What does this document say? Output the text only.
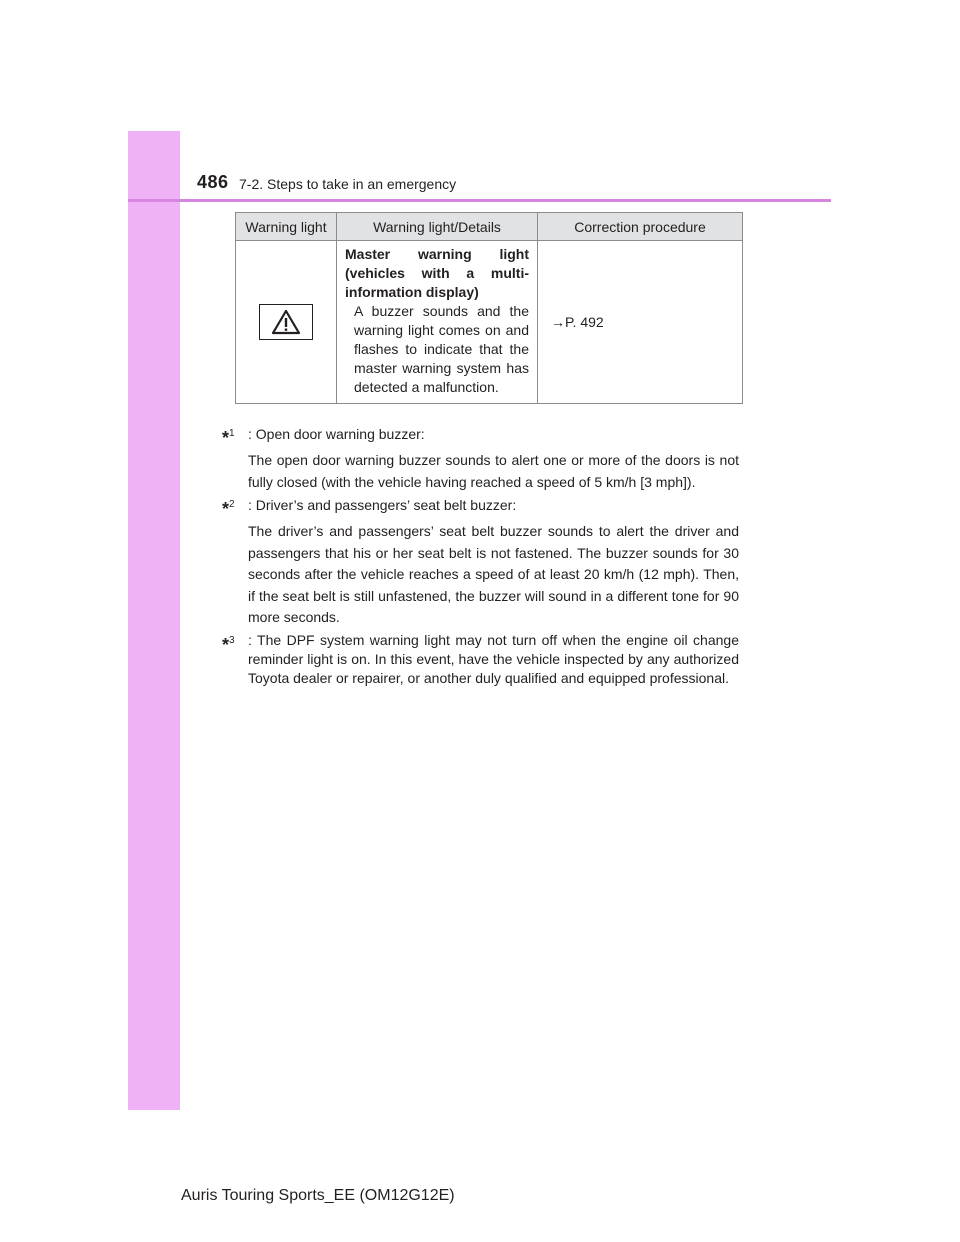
486 7-2. Steps to take in an emergency
Warning light	Warning light/Details	Correction procedure

Master warning light (vehicles with a multi-information display)
A buzzer sounds and the warning light comes on and flashes to indicate that the master warning system has detected a malfunction.	→P. 492
*$^1$ : Open door warning buzzer:
The open door warning buzzer sounds to alert one or more of the doors is not fully closed (with the vehicle having reached a speed of 5 km/h [3 mph]).
*$^2$ : Driver’s and passengers’ seat belt buzzer:
The driver’s and passengers’ seat belt buzzer sounds to alert the driver and passengers that his or her seat belt is not fastened. The buzzer sounds for 30 seconds after the vehicle reaches a speed of at least 20 km/h (12 mph). Then, if the seat belt is still unfastened, the buzzer will sound in a different tone for 90 more seconds.
*$^3$ : The DPF system warning light may not turn off when the engine oil change reminder light is on. In this event, have the vehicle inspected by any authorized Toyota dealer or repairer, or another duly qualified and equipped professional.
Auris Touring Sports_EE (OM12G12E)
